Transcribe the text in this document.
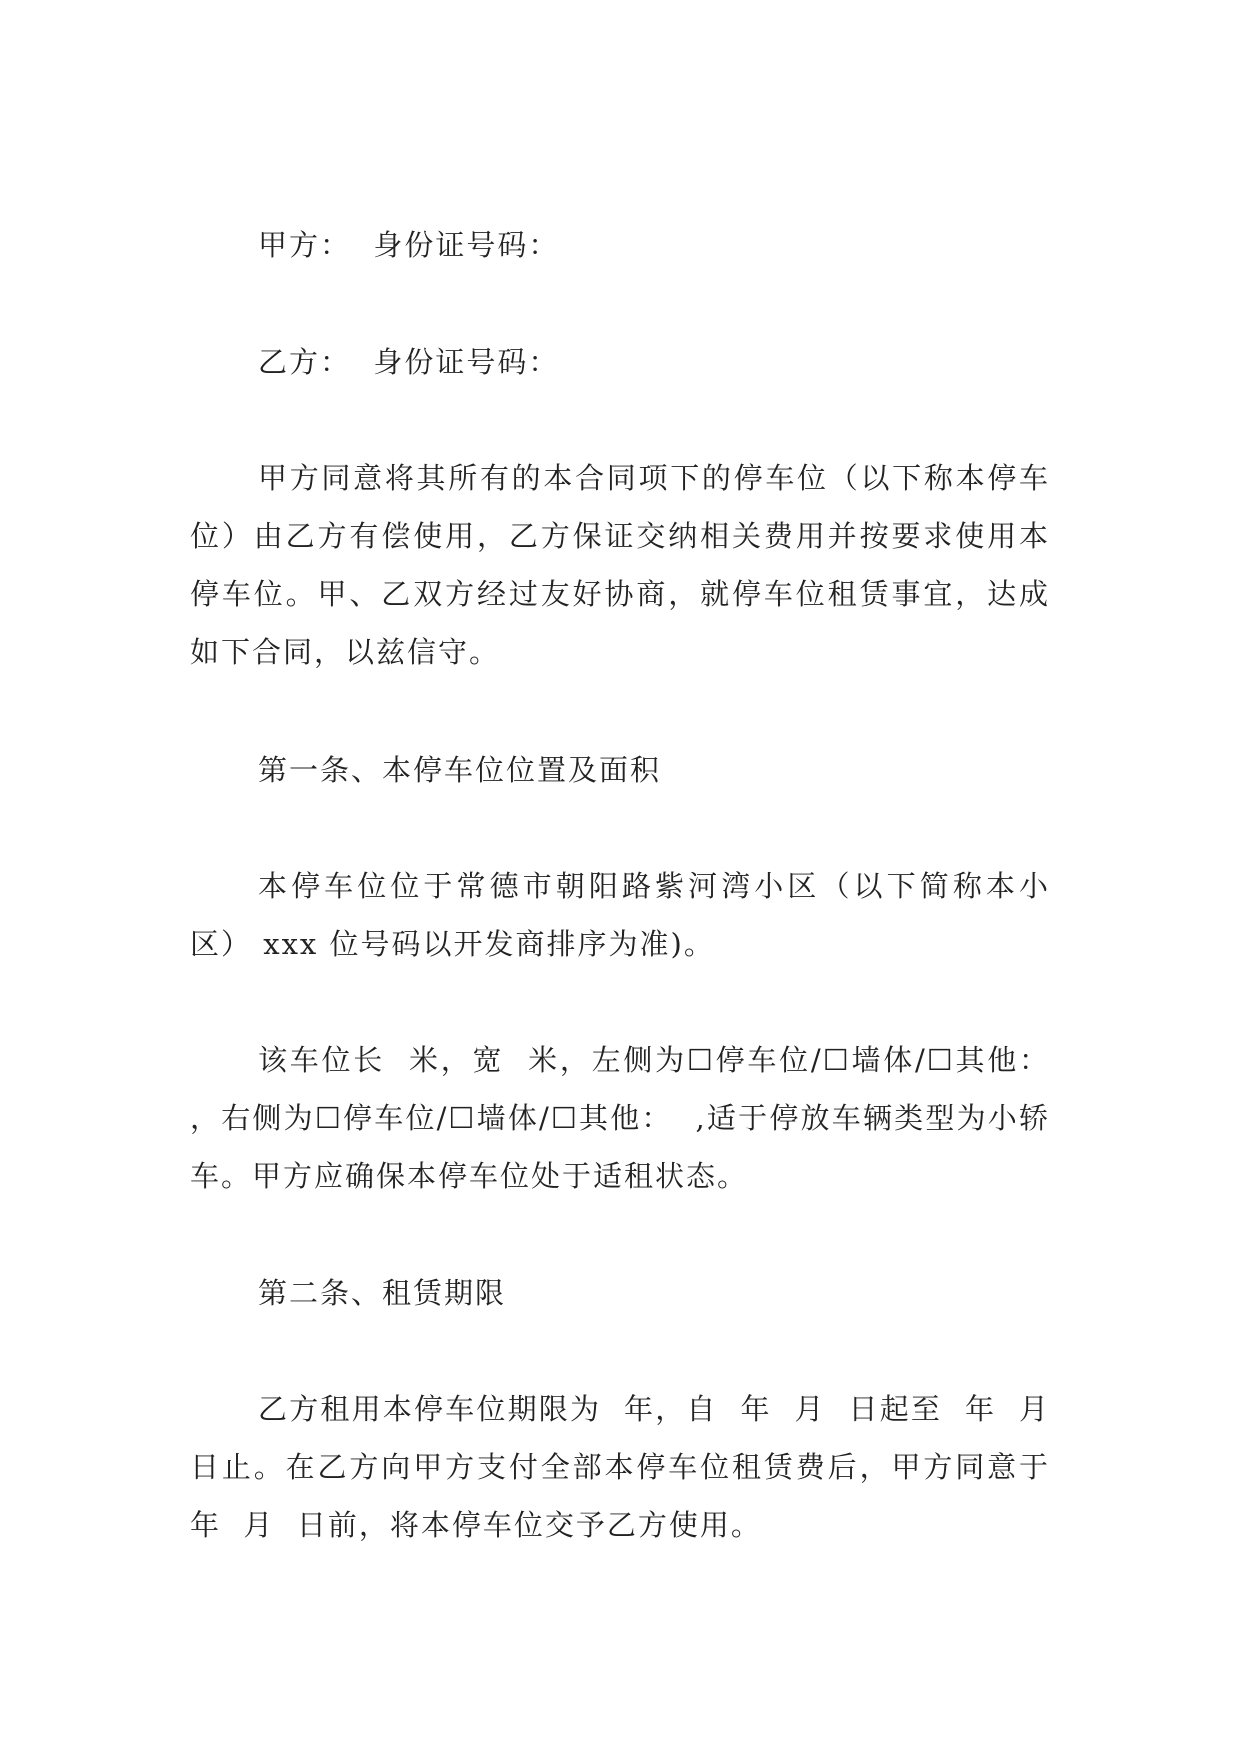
甲方：  身份证号码：

乙方：  身份证号码：

甲方同意将其所有的本合同项下的停车位（以下称本停车位）由乙方有偿使用，乙方保证交纳相关费用并按要求使用本停车位。甲、乙双方经过友好协商，就停车位租赁事宜，达成如下合同，以兹信守。

第一条、本停车位位置及面积

本停车位位于常德市朝阳路紫河湾小区（以下简称本小区） xxx 位号码以开发商排序为准)。

该车位长  米，宽  米，左侧为☐停车位/☐墙体/☐其他：  ，右侧为☐停车位/☐墙体/☐其他：  ,适于停放车辆类型为小轿车。甲方应确保本停车位处于适租状态。

第二条、租赁期限

乙方租用本停车位期限为  年，自  年  月  日起至  年  月  日止。在乙方向甲方支付全部本停车位租赁费后，甲方同意于  年  月  日前，将本停车位交予乙方使用。
